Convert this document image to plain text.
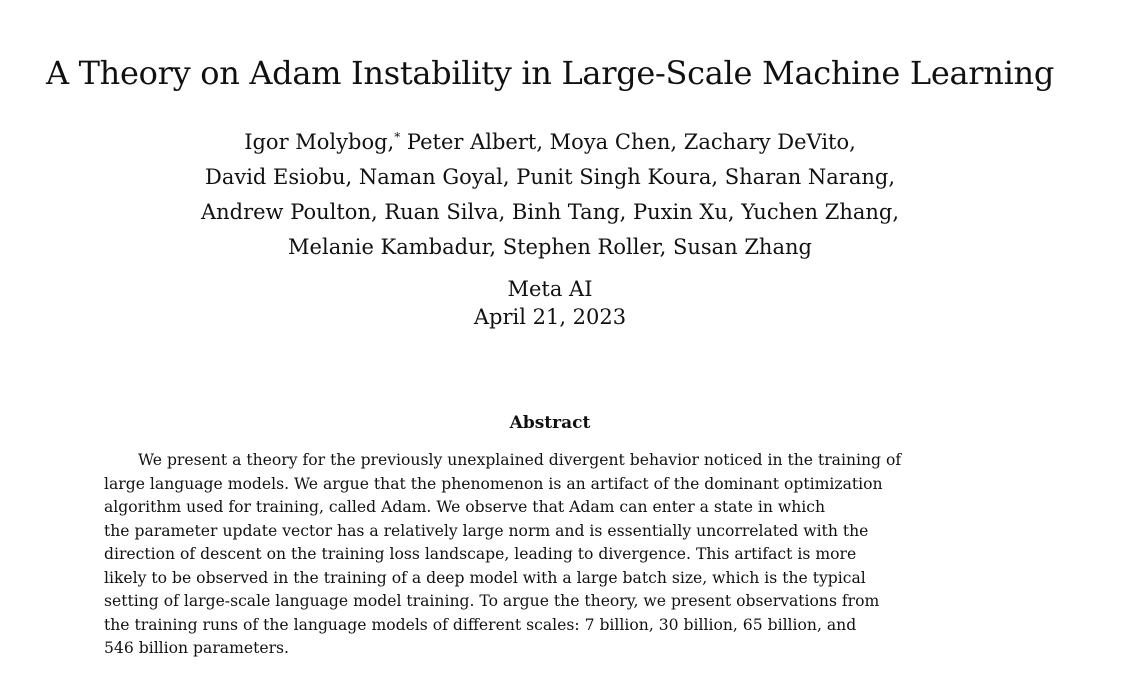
A Theory on Adam Instability in Large-Scale Machine Learning
Igor Molybog,* Peter Albert, Moya Chen, Zachary DeVito,
David Esiobu, Naman Goyal, Punit Singh Koura, Sharan Narang,
Andrew Poulton, Ruan Silva, Binh Tang, Puxin Xu, Yuchen Zhang,
Melanie Kambadur, Stephen Roller, Susan Zhang
Meta AI
April 21, 2023
Abstract
We present a theory for the previously unexplained divergent behavior noticed in the training of
large language models. We argue that the phenomenon is an artifact of the dominant optimization
algorithm used for training, called Adam. We observe that Adam can enter a state in which
the parameter update vector has a relatively large norm and is essentially uncorrelated with the
direction of descent on the training loss landscape, leading to divergence. This artifact is more
likely to be observed in the training of a deep model with a large batch size, which is the typical
setting of large-scale language model training. To argue the theory, we present observations from
the training runs of the language models of different scales: 7 billion, 30 billion, 65 billion, and
546 billion parameters.
